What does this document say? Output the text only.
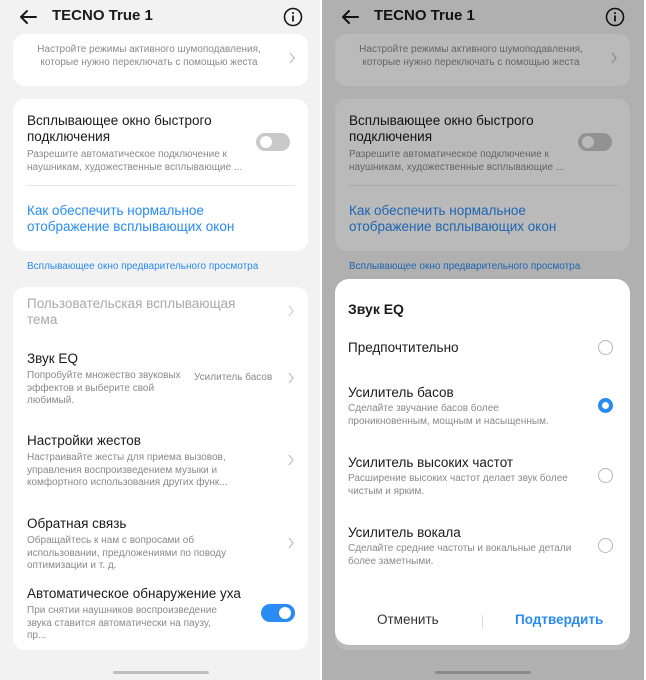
TECNO True 1
Настройте режимы активного шумоподавления, которые нужно переключать с помощью жеста
Всплывающее окно быстрого подключения
Разрешите автоматическое подключение к наушникам, художественные всплывающие ...
Как обеспечить нормальное отображение всплывающих окон
Всплывающее окно предварительного просмотра
Пользовательская всплывающая тема
Звук EQ
Попробуйте множество звуковых эффектов и выберите свой любимый.
Усилитель басов
Настройки жестов
Настраивайте жесты для приема вызовов, управления воспроизведением музыки и комфортного использования других функ...
Обратная связь
Обращайтесь к нам с вопросами об использовании, предложениями по поводу оптимизации и т. д.
Автоматическое обнаружение уха
При снятии наушников воспроизведение звука ставится автоматически на паузу, пр...
TECNO True 1
Настройте режимы активного шумоподавления, которые нужно переключать с помощью жеста
Всплывающее окно быстрого подключения
Разрешите автоматическое подключение к наушникам, художественные всплывающие ...
Как обеспечить нормальное отображение всплывающих окон
Всплывающее окно предварительного просмотра
Звук EQ
Предпочтительно
Усилитель басов
Сделайте звучание басов более проникновенным, мощным и насыщенным.
Усилитель высоких частот
Расширение высоких частот делает звук более чистым и ярким.
Усилитель вокала
Сделайте средние частоты и вокальные детали более заметными.
Отменить	Подтвердить
